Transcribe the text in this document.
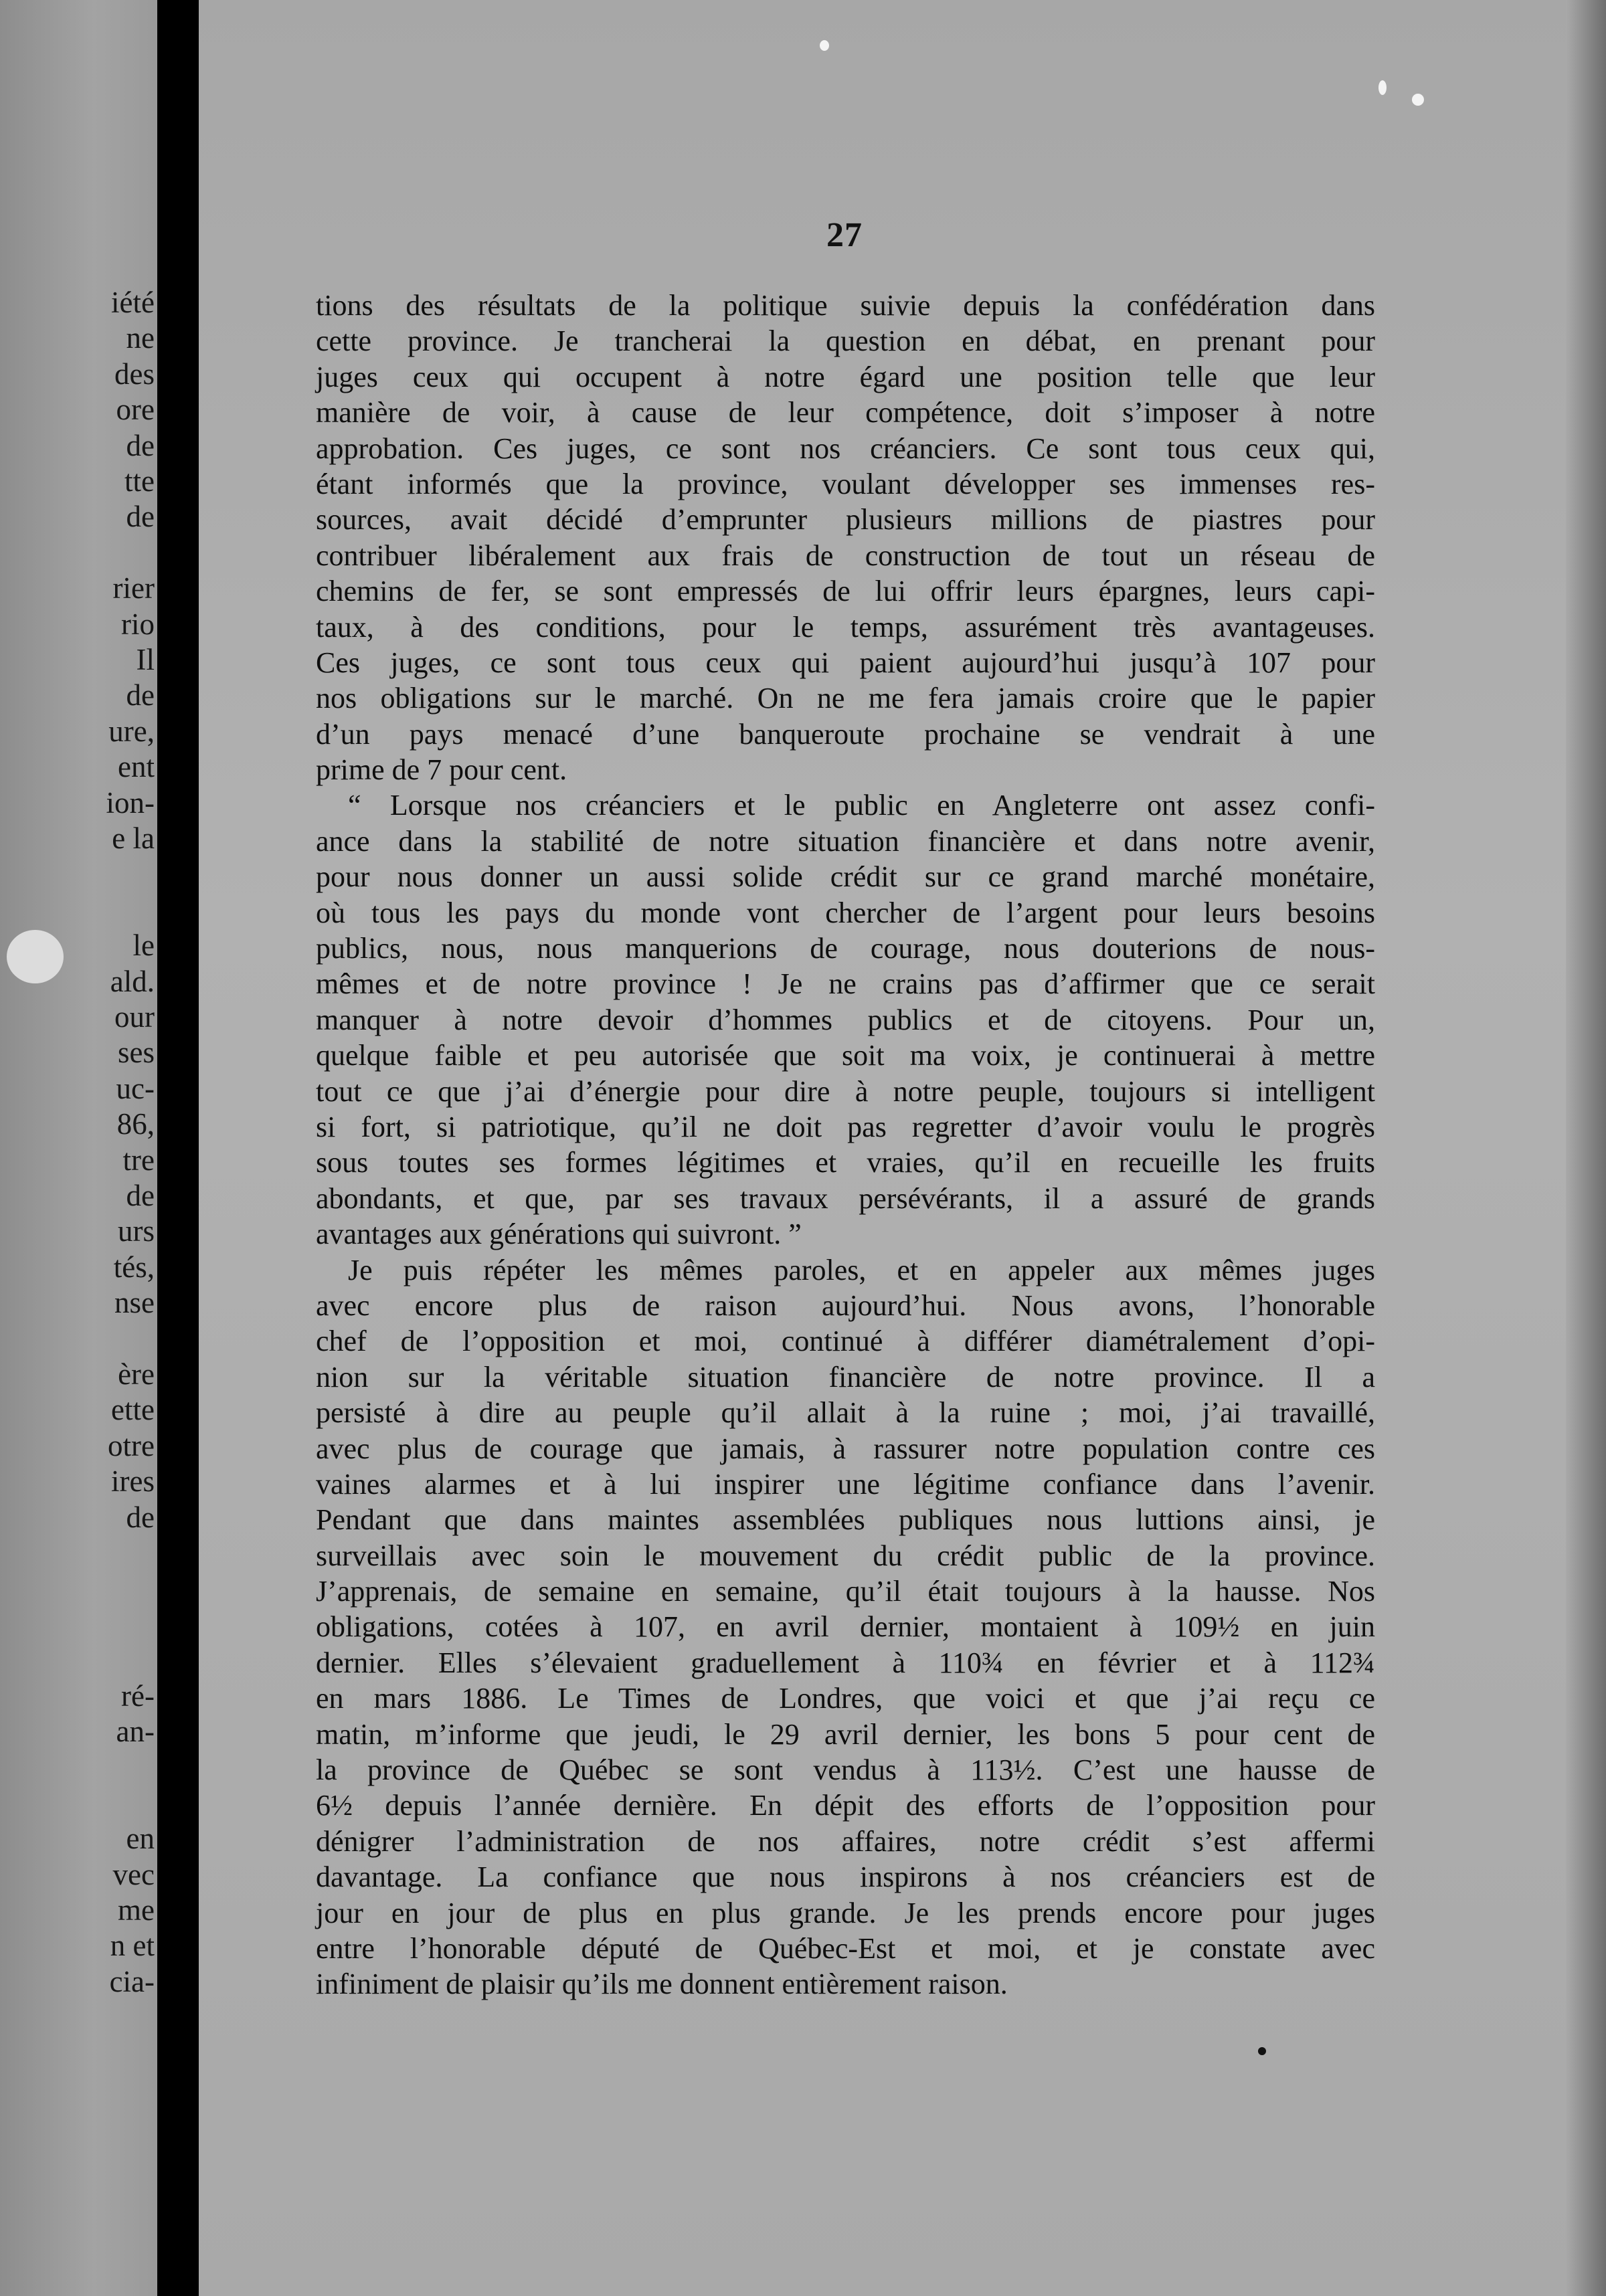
iété
ne
des
ore
de
tte
de
rier
rio
Il
de
ure,
ent
ion-
e la
le
ald.
our
ses
uc-
86,
tre
de
urs
tés,
nse
ère
ette
otre
ires
de
ré-
an-
en
vec
me
n et
cia-
27
tions des résultats de la politique suivie depuis la confédération dans
cette province. Je trancherai la question en débat, en prenant pour
juges ceux qui occupent à notre égard une position telle que leur
manière de voir, à cause de leur compétence, doit s’imposer à notre
approbation. Ces juges, ce sont nos créanciers. Ce sont tous ceux qui,
étant informés que la province, voulant développer ses immenses res-
sources, avait décidé d’emprunter plusieurs millions de piastres pour
contribuer libéralement aux frais de construction de tout un réseau de
chemins de fer, se sont empressés de lui offrir leurs épargnes, leurs capi-
taux, à des conditions, pour le temps, assurément très avantageuses.
Ces juges, ce sont tous ceux qui paient aujourd’hui jusqu’à 107 pour
nos obligations sur le marché. On ne me fera jamais croire que le papier
d’un pays menacé d’une banqueroute prochaine se vendrait à une
prime de 7 pour cent.
“ Lorsque nos créanciers et le public en Angleterre ont assez confi-
ance dans la stabilité de notre situation financière et dans notre avenir,
pour nous donner un aussi solide crédit sur ce grand marché monétaire,
où tous les pays du monde vont chercher de l’argent pour leurs besoins
publics, nous, nous manquerions de courage, nous douterions de nous-
mêmes et de notre province ! Je ne crains pas d’affirmer que ce serait
manquer à notre devoir d’hommes publics et de citoyens. Pour un,
quelque faible et peu autorisée que soit ma voix, je continuerai à mettre
tout ce que j’ai d’énergie pour dire à notre peuple, toujours si intelligent
si fort, si patriotique, qu’il ne doit pas regretter d’avoir voulu le progrès
sous toutes ses formes légitimes et vraies, qu’il en recueille les fruits
abondants, et que, par ses travaux persévérants, il a assuré de grands
avantages aux générations qui suivront. ”
Je puis répéter les mêmes paroles, et en appeler aux mêmes juges
avec encore plus de raison aujourd’hui. Nous avons, l’honorable
chef de l’opposition et moi, continué à différer diamétralement d’opi-
nion sur la véritable situation financière de notre province. Il a
persisté à dire au peuple qu’il allait à la ruine ; moi, j’ai travaillé,
avec plus de courage que jamais, à rassurer notre population contre ces
vaines alarmes et à lui inspirer une légitime confiance dans l’avenir.
Pendant que dans maintes assemblées publiques nous luttions ainsi, je
surveillais avec soin le mouvement du crédit public de la province.
J’apprenais, de semaine en semaine, qu’il était toujours à la hausse. Nos
obligations, cotées à 107, en avril dernier, montaient à 109½ en juin
dernier. Elles s’élevaient graduellement à 110¾ en février et à 112¾
en mars 1886. Le Times de Londres, que voici et que j’ai reçu ce
matin, m’informe que jeudi, le 29 avril dernier, les bons 5 pour cent de
la province de Québec se sont vendus à 113½. C’est une hausse de
6½ depuis l’année dernière. En dépit des efforts de l’opposition pour
dénigrer l’administration de nos affaires, notre crédit s’est affermi
davantage. La confiance que nous inspirons à nos créanciers est de
jour en jour de plus en plus grande. Je les prends encore pour juges
entre l’honorable député de Québec-Est et moi, et je constate avec
infiniment de plaisir qu’ils me donnent entièrement raison.
